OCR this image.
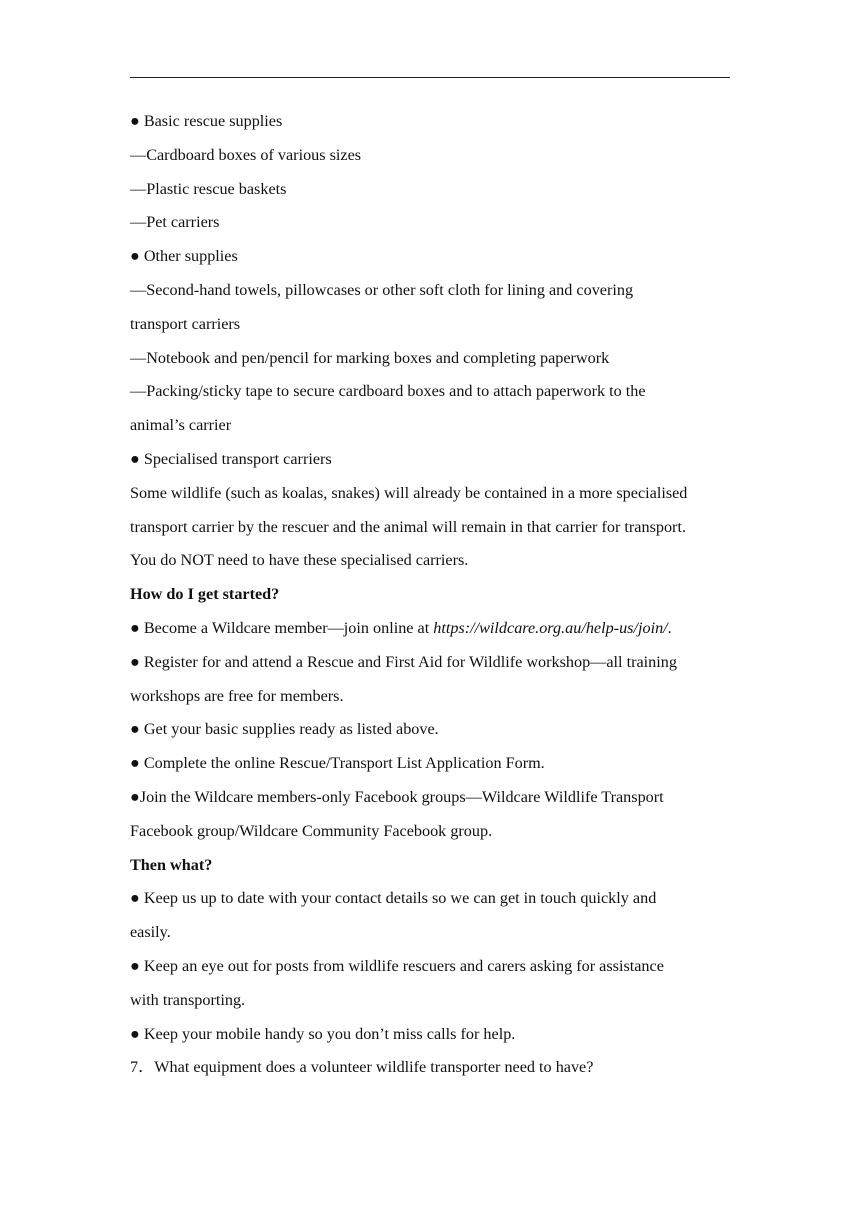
● Basic rescue supplies

—Cardboard boxes of various sizes

—Plastic rescue baskets

—Pet carriers

● Other supplies

—Second-hand towels, pillowcases or other soft cloth for lining and covering

transport carriers

—Notebook and pen/pencil for marking boxes and completing paperwork

—Packing/sticky tape to secure cardboard boxes and to attach paperwork to the

animal’s carrier

● Specialised transport carriers

Some wildlife (such as koalas, snakes) will already be contained in a more specialised

transport carrier by the rescuer and the animal will remain in that carrier for transport.

You do NOT need to have these specialised carriers.

How do I get started?

● Become a Wildcare member—join online at https://wildcare.org.au/help-us/join/.

● Register for and attend a Rescue and First Aid for Wildlife workshop—all training

workshops are free for members.

● Get your basic supplies ready as listed above.

● Complete the online Rescue/Transport List Application Form.

●Join the Wildcare members-only Facebook groups—Wildcare Wildlife Transport

Facebook group/Wildcare Community Facebook group.

Then what?

● Keep us up to date with your contact details so we can get in touch quickly and

easily.

● Keep an eye out for posts from wildlife rescuers and carers asking for assistance

with transporting.

● Keep your mobile handy so you don’t miss calls for help.

7．What equipment does a volunteer wildlife transporter need to have?
